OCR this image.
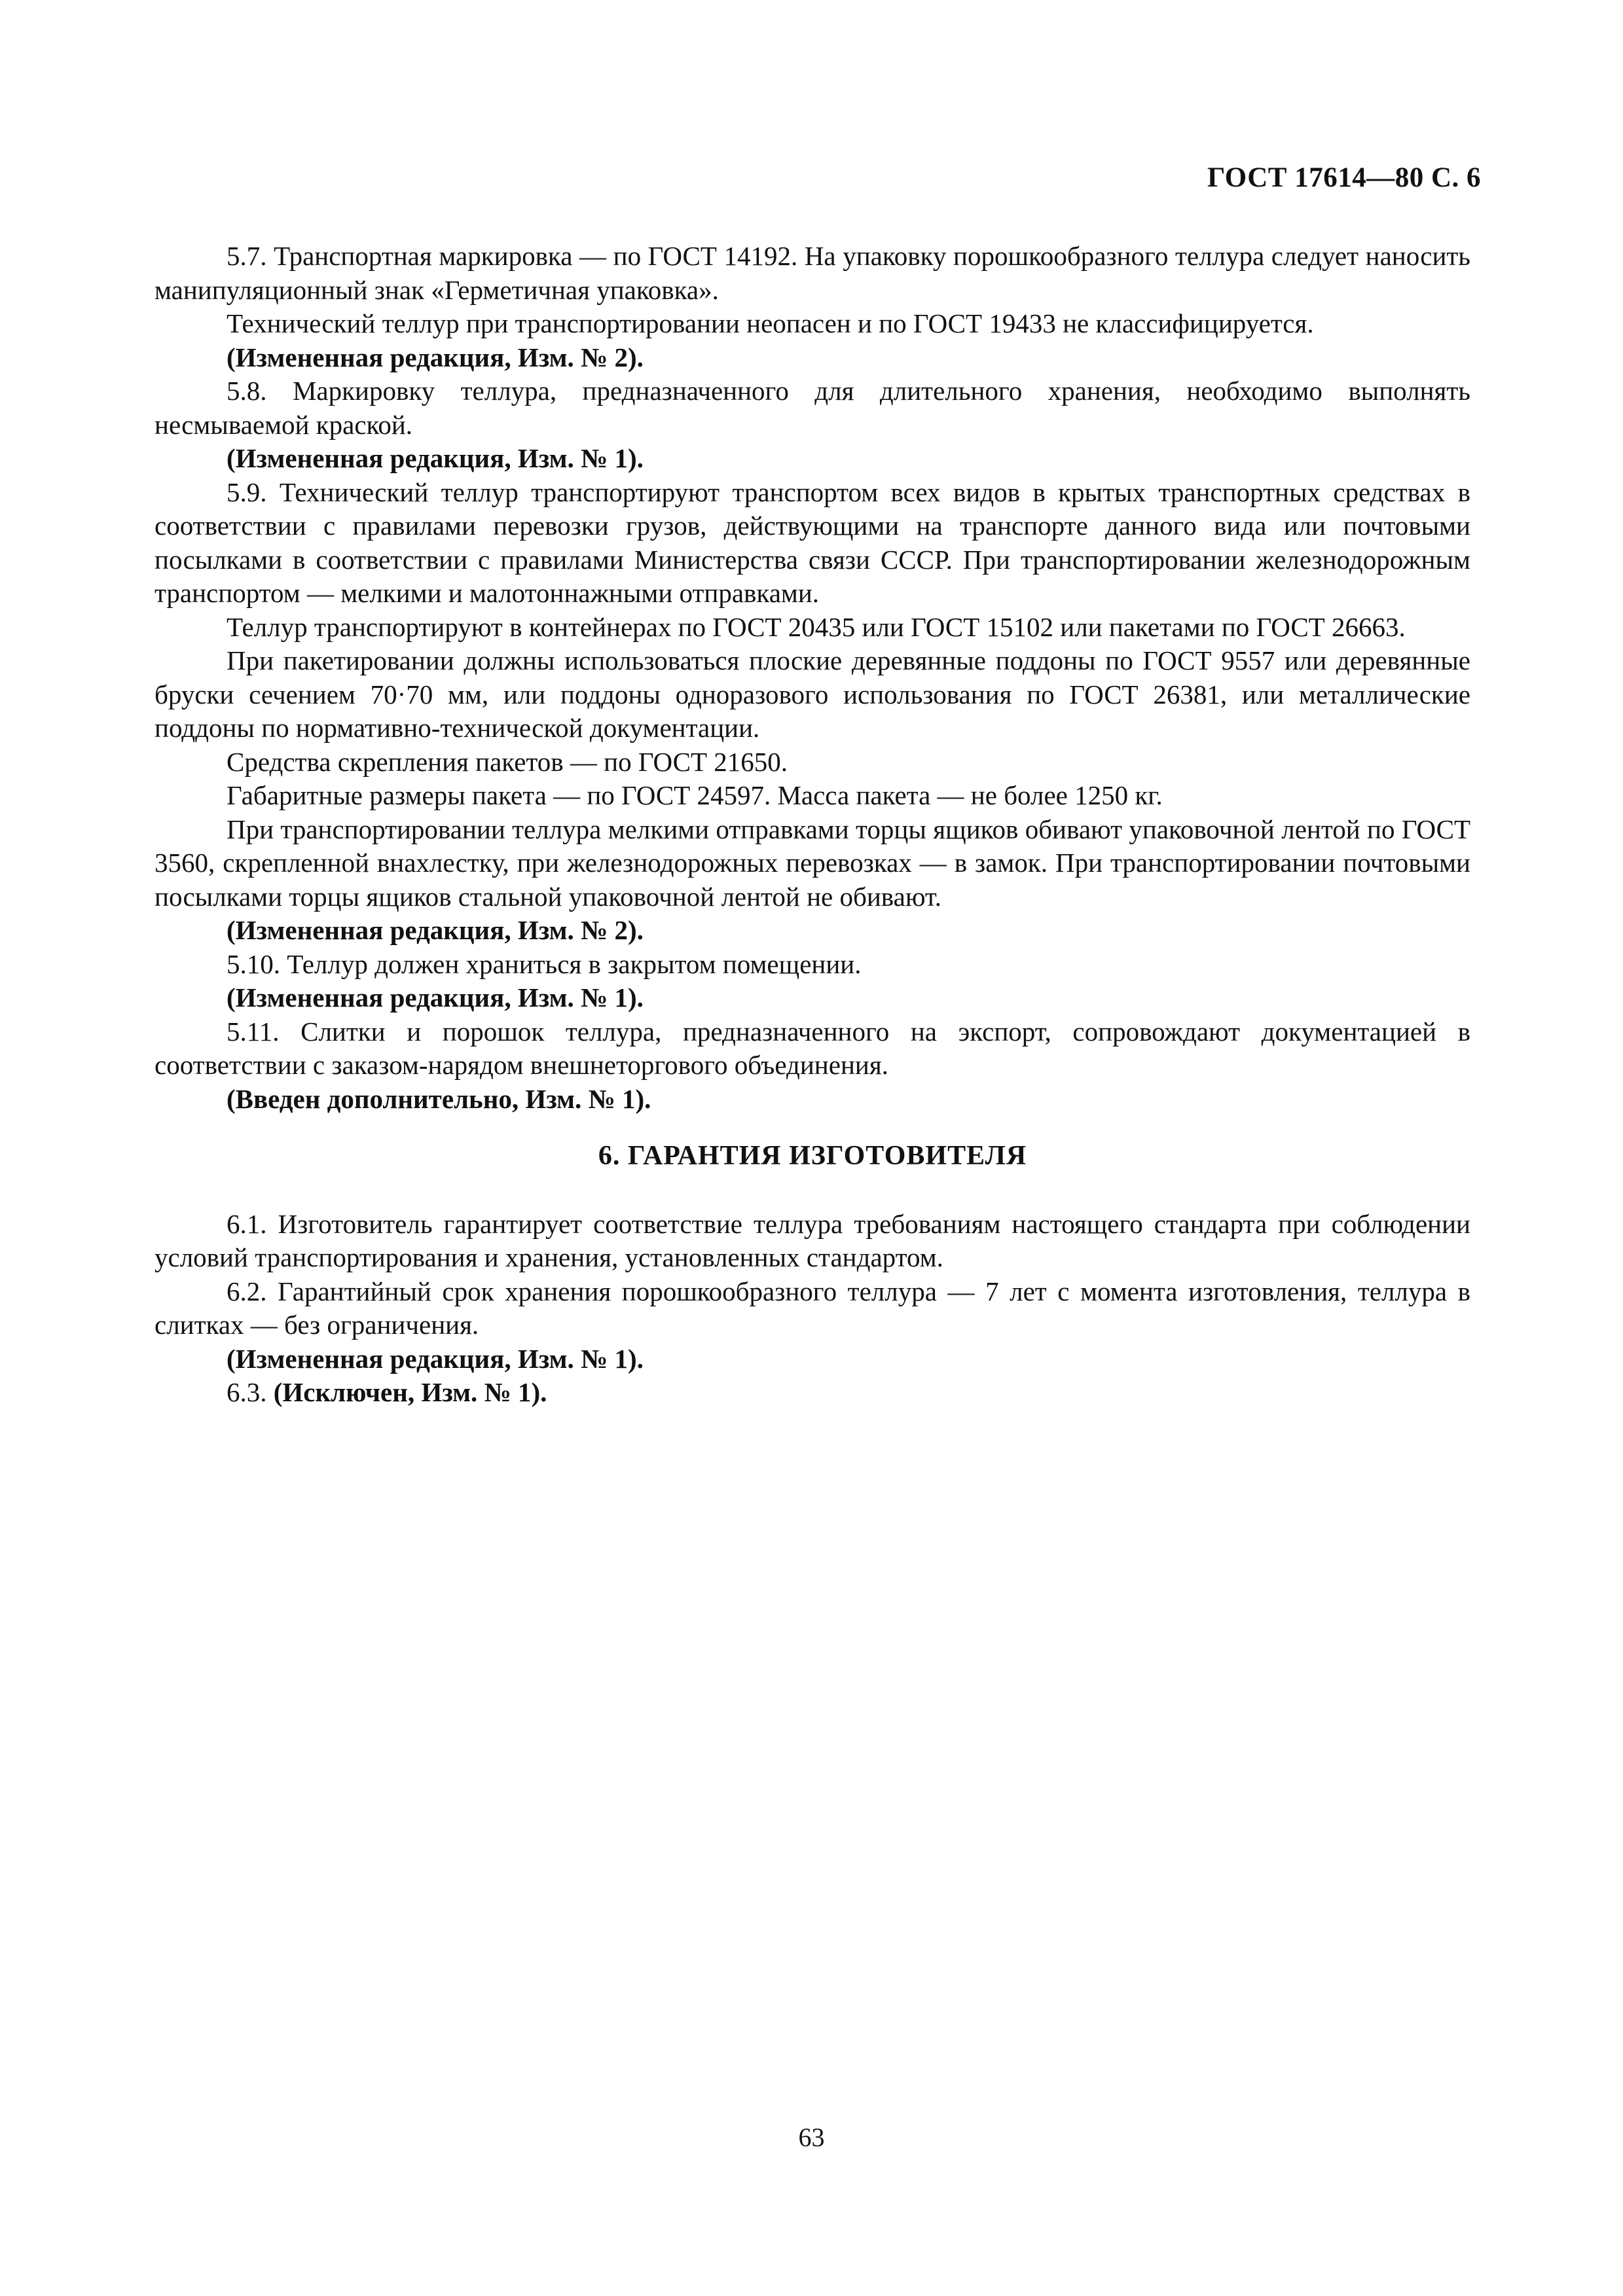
ГОСТ 17614—80 С. 6

5.7. Транспортная маркировка — по ГОСТ 14192. На упаковку порошкообразного теллура следует наносить манипуляционный знак «Герметичная упаковка».

Технический теллур при транспортировании неопасен и по ГОСТ 19433 не классифицируется.

(Измененная редакция, Изм. № 2).

5.8. Маркировку теллура, предназначенного для длительного хранения, необходимо выполнять несмываемой краской.

(Измененная редакция, Изм. № 1).

5.9. Технический теллур транспортируют транспортом всех видов в крытых транспортных средствах в соответствии с правилами перевозки грузов, действующими на транспорте данного вида или почтовыми посылками в соответствии с правилами Министерства связи СССР. При транспортировании железнодорожным транспортом — мелкими и малотоннажными отправками.

Теллур транспортируют в контейнерах по ГОСТ 20435 или ГОСТ 15102 или пакетами по ГОСТ 26663.

При пакетировании должны использоваться плоские деревянные поддоны по ГОСТ 9557 или деревянные бруски сечением 70·70 мм, или поддоны одноразового использования по ГОСТ 26381, или металлические поддоны по нормативно-технической документации.

Средства скрепления пакетов — по ГОСТ 21650.

Габаритные размеры пакета — по ГОСТ 24597. Масса пакета — не более 1250 кг.

При транспортировании теллура мелкими отправками торцы ящиков обивают упаковочной лентой по ГОСТ 3560, скрепленной внахлестку, при железнодорожных перевозках — в замок. При транспортировании почтовыми посылками торцы ящиков стальной упаковочной лентой не обивают.

(Измененная редакция, Изм. № 2).

5.10. Теллур должен храниться в закрытом помещении.

(Измененная редакция, Изм. № 1).

5.11. Слитки и порошок теллура, предназначенного на экспорт, сопровождают документацией в соответствии с заказом-нарядом внешнеторгового объединения.

(Введен дополнительно, Изм. № 1).

6. ГАРАНТИЯ ИЗГОТОВИТЕЛЯ

6.1. Изготовитель гарантирует соответствие теллура требованиям настоящего стандарта при соблюдении условий транспортирования и хранения, установленных стандартом.

6.2. Гарантийный срок хранения порошкообразного теллура — 7 лет с момента изготовления, теллура в слитках — без ограничения.

(Измененная редакция, Изм. № 1).

6.3. (Исключен, Изм. № 1).

63
